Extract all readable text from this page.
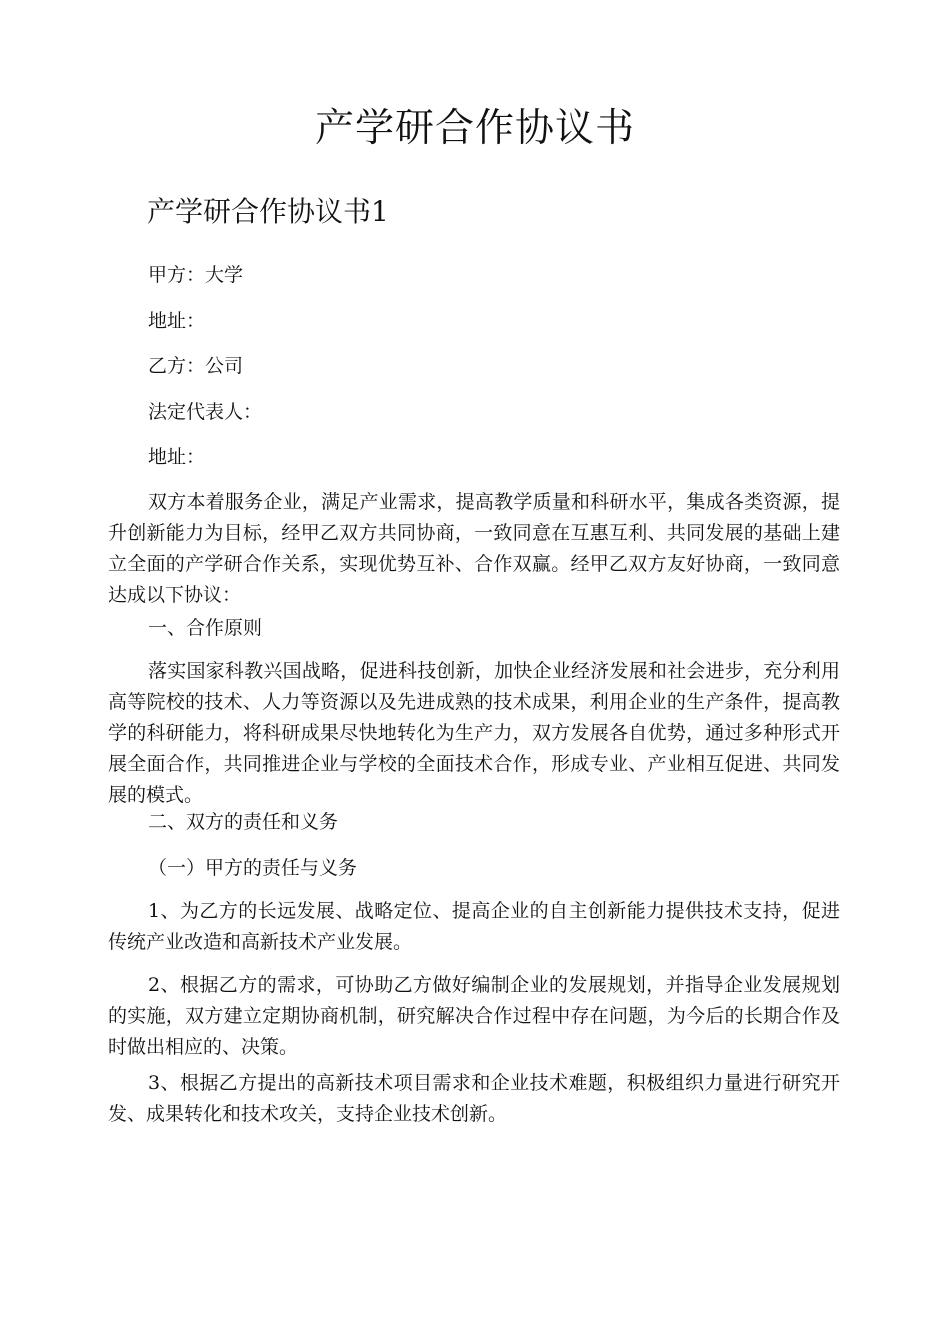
产学研合作协议书
产学研合作协议书1
甲方：大学
地址：
乙方：公司
法定代表人：
地址：
双方本着服务企业，满足产业需求，提高教学质量和科研水平，集成各类资源，提升创新能力为目标，经甲乙双方共同协商，一致同意在互惠互利、共同发展的基础上建立全面的产学研合作关系，实现优势互补、合作双赢。经甲乙双方友好协商，一致同意达成以下协议：
一、合作原则
落实国家科教兴国战略，促进科技创新，加快企业经济发展和社会进步，充分利用高等院校的技术、人力等资源以及先进成熟的技术成果，利用企业的生产条件，提高教学的科研能力，将科研成果尽快地转化为生产力，双方发展各自优势，通过多种形式开展全面合作，共同推进企业与学校的全面技术合作，形成专业、产业相互促进、共同发展的模式。
二、双方的责任和义务
（一）甲方的责任与义务
1、为乙方的长远发展、战略定位、提高企业的自主创新能力提供技术支持，促进传统产业改造和高新技术产业发展。
2、根据乙方的需求，可协助乙方做好编制企业的发展规划，并指导企业发展规划的实施，双方建立定期协商机制，研究解决合作过程中存在问题，为今后的长期合作及时做出相应的、决策。
3、根据乙方提出的高新技术项目需求和企业技术难题，积极组织力量进行研究开发、成果转化和技术攻关，支持企业技术创新。
